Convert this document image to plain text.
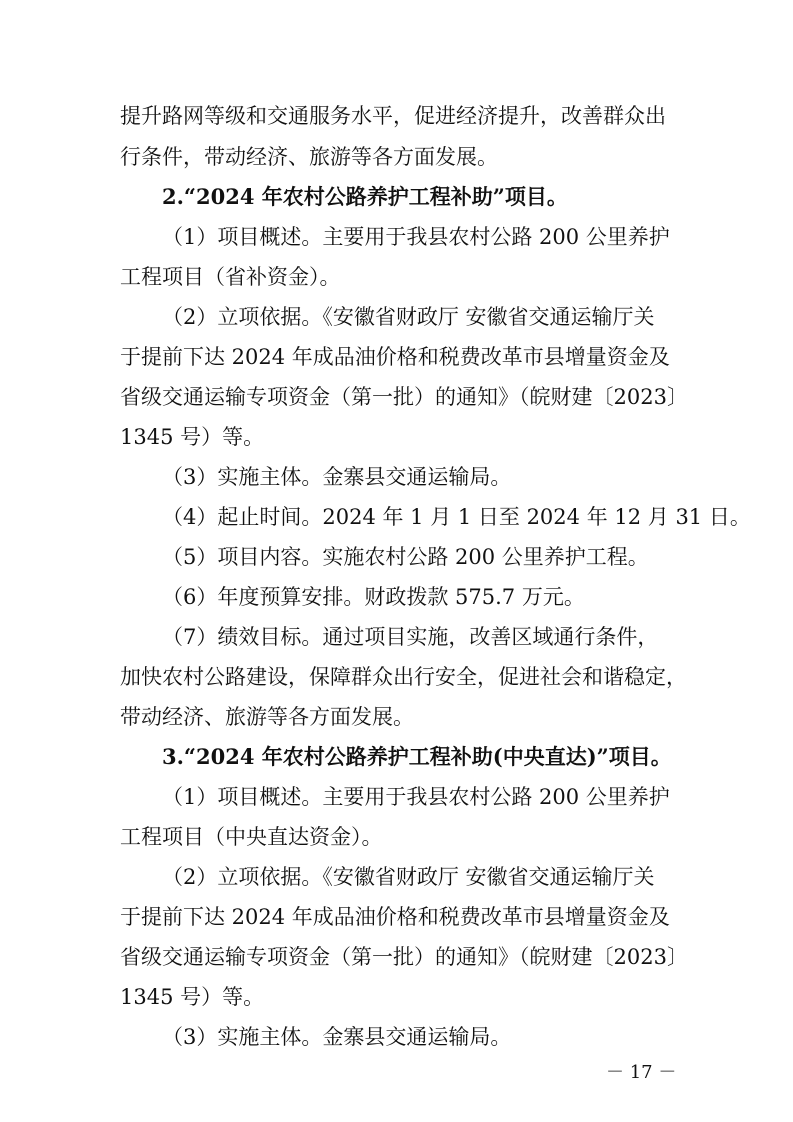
提升路网等级和交通服务水平，促进经济提升，改善群众出
行条件，带动经济、旅游等各方面发展。
2.“2024 年农村公路养护工程补助”项目。
（1）项目概述。主要用于我县农村公路 200 公里养护
工程项目（省补资金）。
（2）立项依据。《安徽省财政厅 安徽省交通运输厅关
于提前下达 2024 年成品油价格和税费改革市县增量资金及
省级交通运输专项资金（第一批）的通知》（皖财建〔2023〕
1345 号）等。
（3）实施主体。金寨县交通运输局。
（4）起止时间。2024 年 1 月 1 日至 2024 年 12 月 31 日。
（5）项目内容。实施农村公路 200 公里养护工程。
（6）年度预算安排。财政拨款 575.7 万元。
（7）绩效目标。通过项目实施，改善区域通行条件，
加快农村公路建设，保障群众出行安全，促进社会和谐稳定，
带动经济、旅游等各方面发展。
3.“2024 年农村公路养护工程补助(中央直达)”项目。
（1）项目概述。主要用于我县农村公路 200 公里养护
工程项目（中央直达资金）。
（2）立项依据。《安徽省财政厅 安徽省交通运输厅关
于提前下达 2024 年成品油价格和税费改革市县增量资金及
省级交通运输专项资金（第一批）的通知》（皖财建〔2023〕
1345 号）等。
（3）实施主体。金寨县交通运输局。
－ 17 －
